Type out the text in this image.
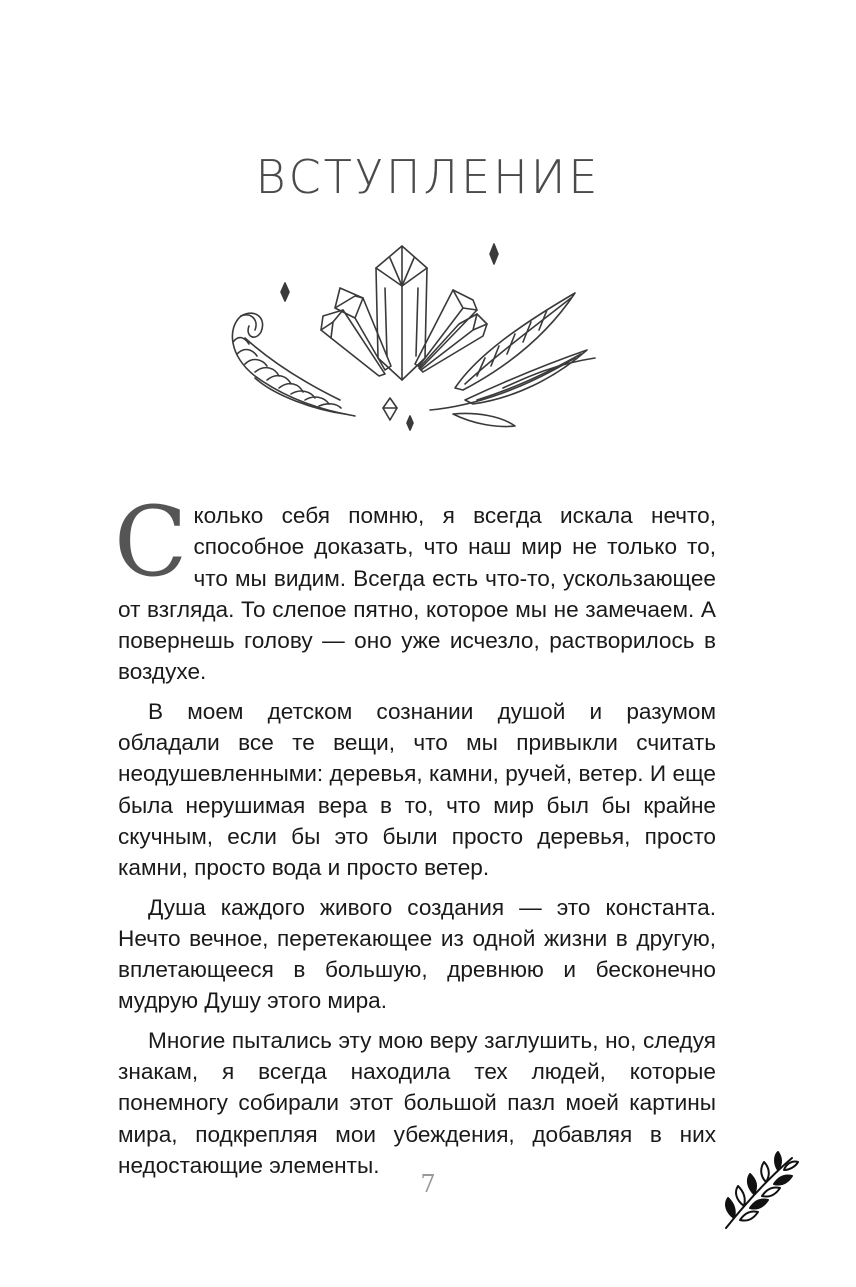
ВСТУПЛЕНИЕ

Сколько себя помню, я всегда искала нечто, способное доказать, что наш мир не только то, что мы видим. Всегда есть что-то, ускользающее от взгляда. То слепое пятно, которое мы не замечаем. А повернешь голову — оно уже исчезло, растворилось в воздухе.

В моем детском сознании душой и разумом обладали все те вещи, что мы привыкли считать неодушевленными: деревья, камни, ручей, ветер. И еще была нерушимая вера в то, что мир был бы крайне скучным, если бы это были просто деревья, просто камни, просто вода и просто ветер.

Душа каждого живого создания — это константа. Нечто вечное, перетекающее из одной жизни в другую, вплетающееся в большую, древнюю и бесконечно мудрую Душу этого мира.

Многие пытались эту мою веру заглушить, но, следуя знакам, я всегда находила тех людей, которые понемногу собирали этот большой пазл моей картины мира, подкрепляя мои убеждения, добавляя в них недостающие элементы.

7
